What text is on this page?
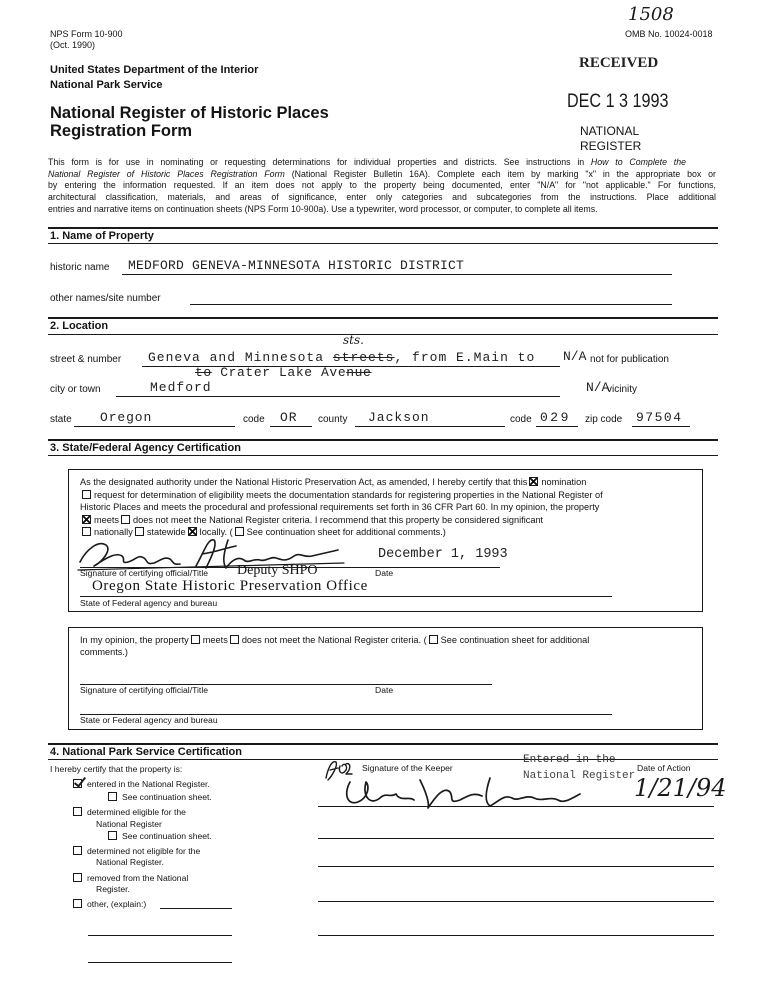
NPS Form 10-900
(Oct. 1990)
1508
OMB No. 10024-0018
United States Department of the Interior
National Park Service
National Register of Historic Places
Registration Form
RECEIVED
DEC 1 3 1993
NATIONAL
REGISTER
This form is for use in nominating or requesting determinations for individual properties and districts. See instructions in How to Complete the
National Register of Historic Places Registration Form (National Register Bulletin 16A). Complete each item by marking "x" in the appropriate box or
by entering the information requested. If an item does not apply to the property being documented, enter "N/A" for "not applicable." For functions,
architectural classification, materials, and areas of significance, enter only categories and subcategories from the instructions. Place additional
entries and narrative items on continuation sheets (NPS Form 10-900a). Use a typewriter, word processor, or computer, to complete all items.
1. Name of Property
historic name MEDFORD GENEVA-MINNESOTA HISTORIC DISTRICT
other names/site number
2. Location
sts.
street & number Geneva and Minnesota streets, from E.Main to N/A not for publication
to Crater Lake Avenue
city or town	Medford	N/A
vicinity
state Oregon	code OR county Jackson	code 029 zip code 97504
3. State/Federal Agency Certification
As the designated authority under the National Historic Preservation Act, as amended, I hereby certify that this nomination
request for determination of eligibility meets the documentation standards for registering properties in the National Register of
Historic Places and meets the procedural and professional requirements set forth in 36 CFR Part 60. In my opinion, the property
meets does not meet the National Register criteria. I recommend that this property be considered significant
nationally statewide locally. ( See continuation sheet for additional comments.)
December 1, 1993
Signature of certifying official/Title Deputy SHPO	Date
Oregon State Historic Preservation Office
State of Federal agency and bureau
In my opinion, the property meets does not meet the National Register criteria. ( See continuation sheet for additional
comments.)
Signature of certifying official/Title	Date
State or Federal agency and bureau
4. National Park Service Certification
I hereby certify that the property is:
entered in the National Register.
See continuation sheet.
determined eligible for the
National Register
See continuation sheet.
determined not eligible for the
National Register.
removed from the National
Register.
other, (explain:)
Signature of the Keeper
Entered in the
National Register
Date of Action
1/21/94
